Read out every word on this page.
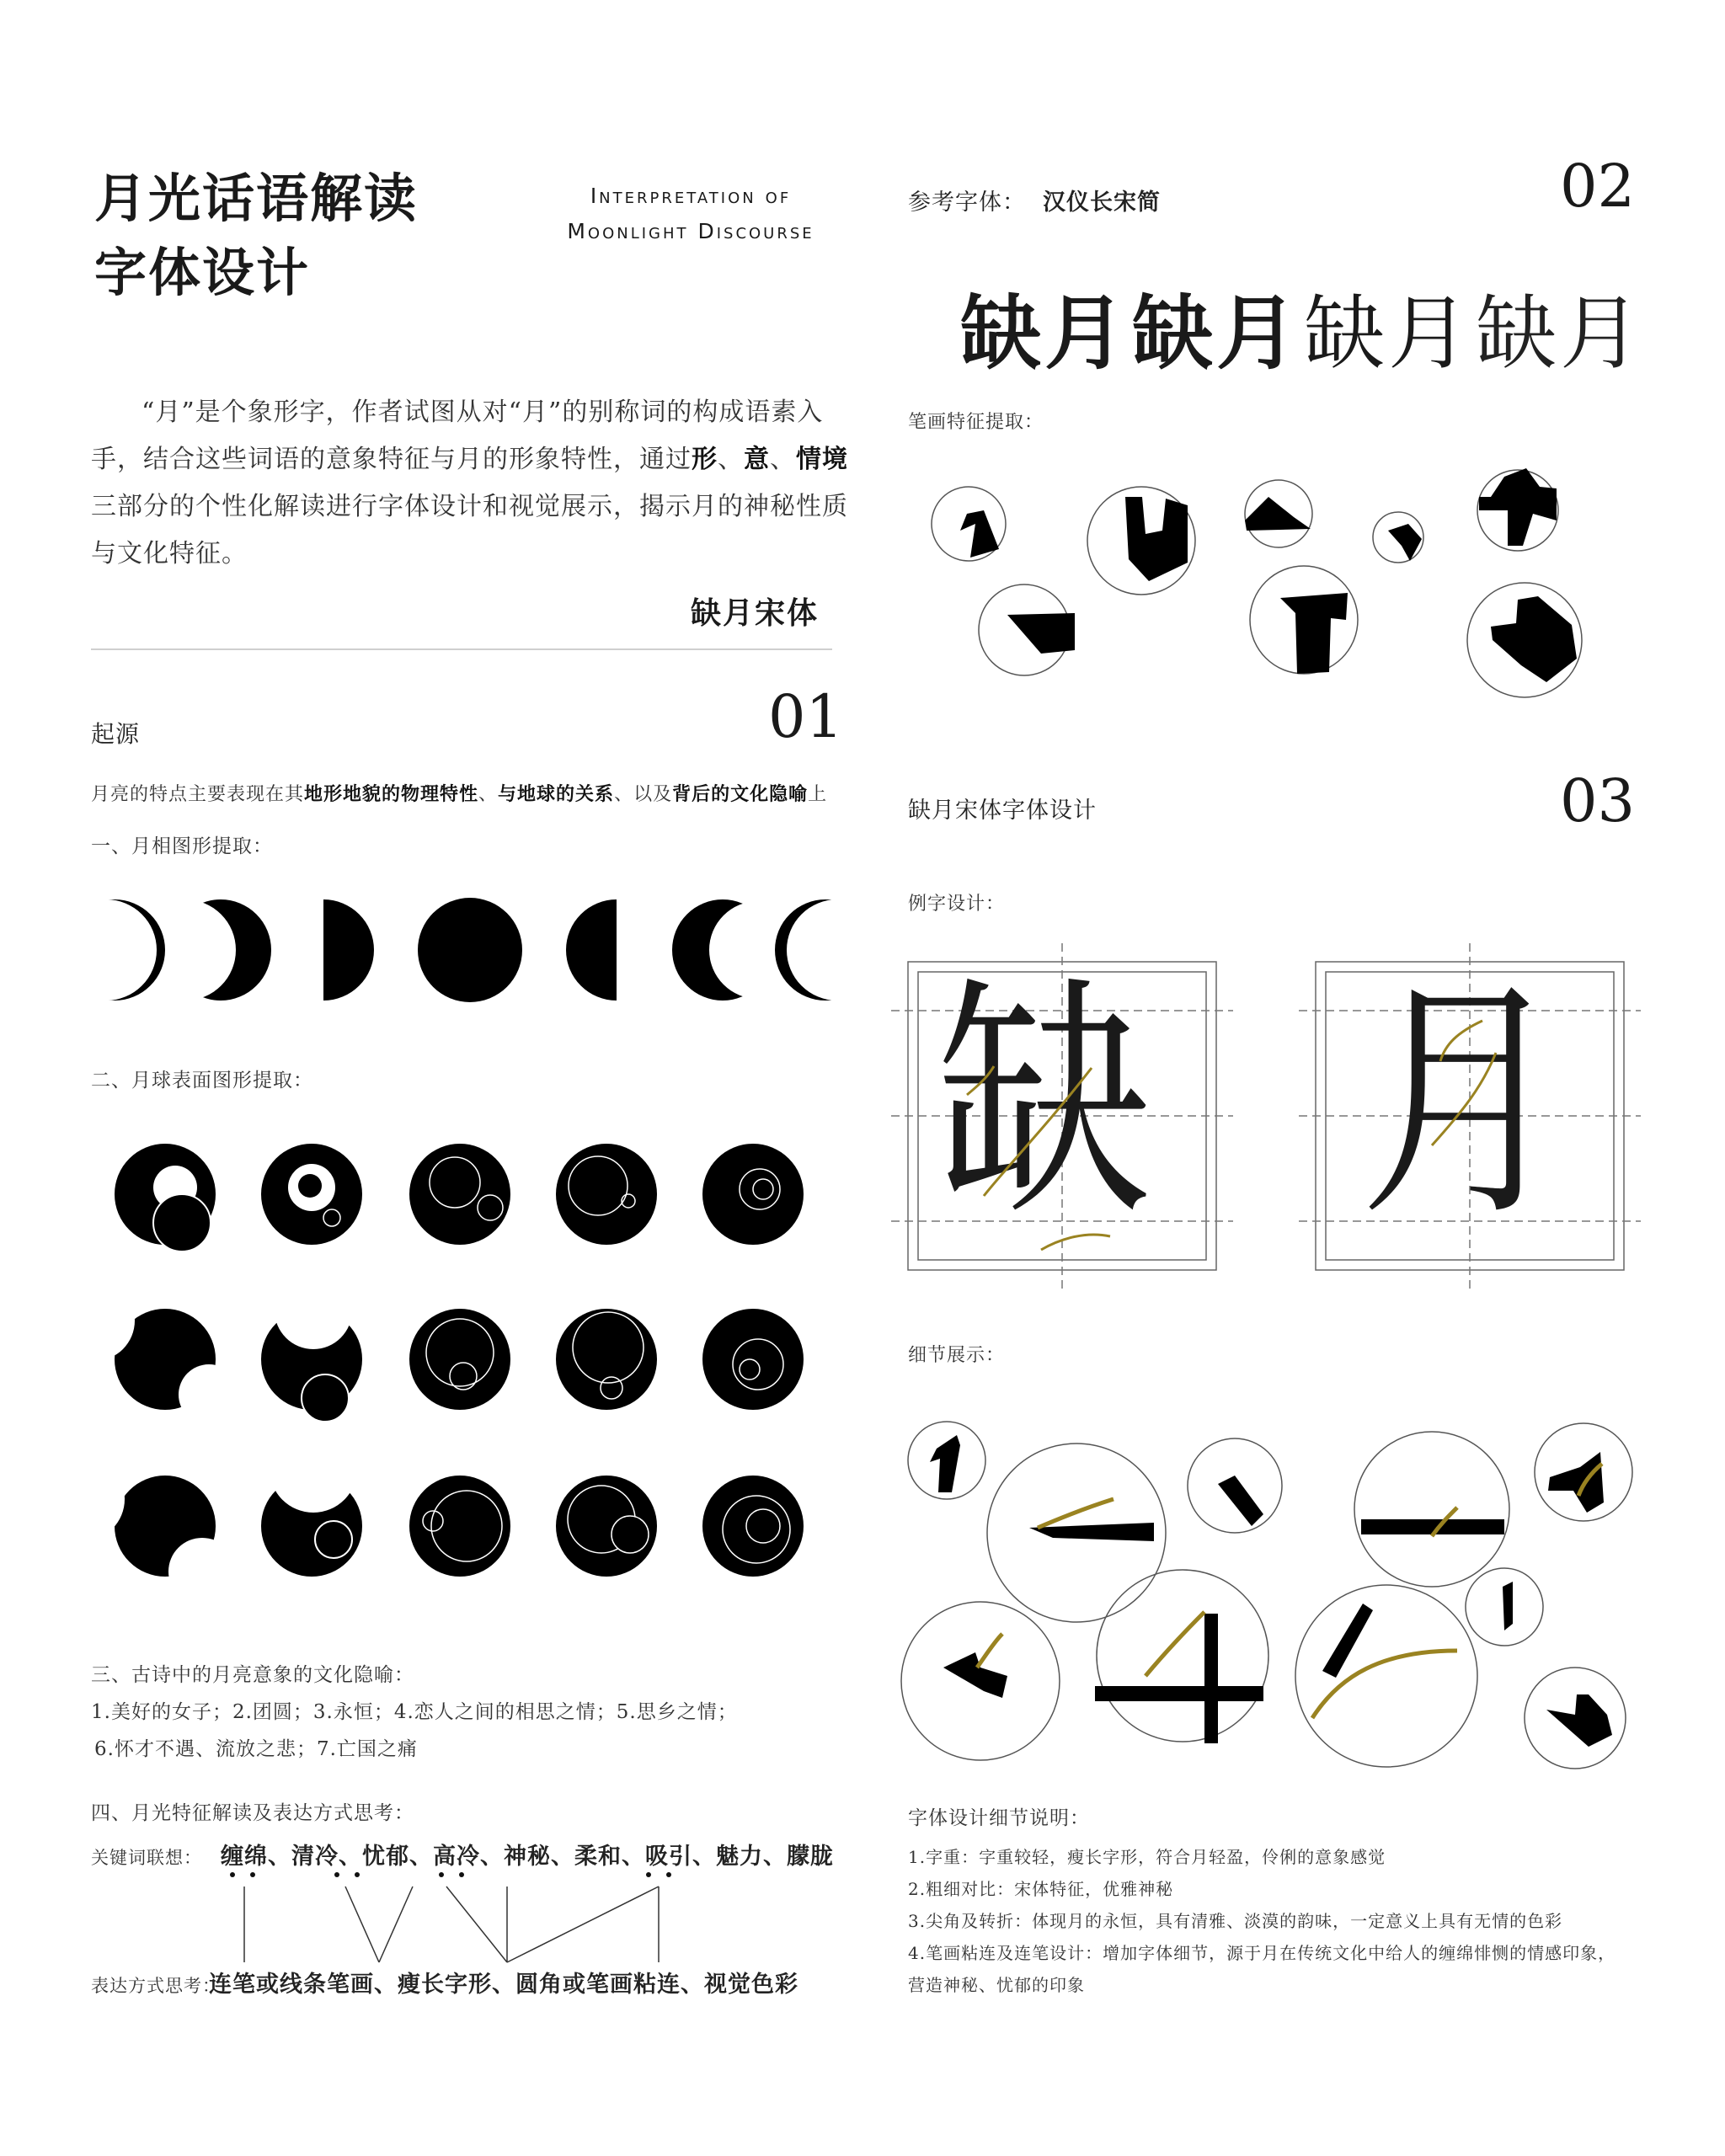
月光话语解读
字体设计
Interpretation of
Moonlight Discourse
“月”是个象形字，作者试图从对“月”的别称词的构成语素入手，结合这些词语的意象特征与月的形象特性，通过形、意、情境三部分的个性化解读进行字体设计和视觉展示，揭示月的神秘性质与文化特征。
缺月宋体
起源	01
月亮的特点主要表现在其地形地貌的物理特性、与地球的关系、以及背后的文化隐喻上
一、月相图形提取：
二、月球表面图形提取：
三、古诗中的月亮意象的文化隐喻：
1.美好的女子；2.团圆；3.永恒；4.恋人之间的相思之情；5.思乡之情；
6.怀才不遇、流放之悲；7.亡国之痛
四、月光特征解读及表达方式思考：
关键词联想： 缠绵、清冷、忧郁、高冷、神秘、柔和、吸引、魅力、朦胧
表达方式思考：
连笔或线条笔画、瘦长字形、圆角或笔画粘连、视觉色彩
参考字体： 汉仪长宋简	02
缺月 缺月 缺月 缺月
笔画特征提取：
缺月宋体字体设计	03
例字设计：
缺 月
细节展示：
字体设计细节说明：
1.字重：字重较轻，瘦长字形，符合月轻盈，伶俐的意象感觉
2.粗细对比：宋体特征，优雅神秘
3.尖角及转折：体现月的永恒，具有清雅、淡漠的韵味，一定意义上具有无情的色彩
4.笔画粘连及连笔设计：增加字体细节，源于月在传统文化中给人的缠绵悱恻的情感印象，
营造神秘、忧郁的印象
